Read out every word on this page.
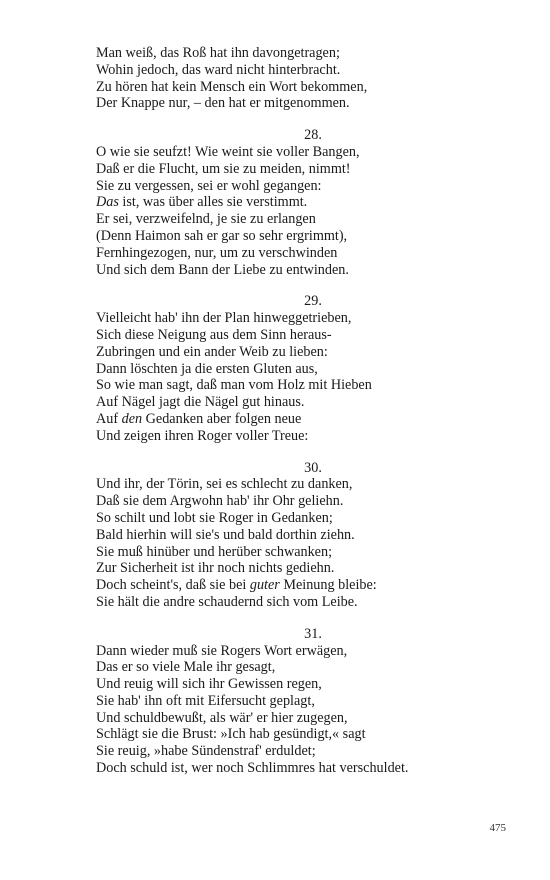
Man weiß, das Roß hat ihn davongetragen;
Wohin jedoch, das ward nicht hinterbracht.
Zu hören hat kein Mensch ein Wort bekommen,
Der Knappe nur, – den hat er mitgenommen.
28.
O wie sie seufzt! Wie weint sie voller Bangen,
Daß er die Flucht, um sie zu meiden, nimmt!
Sie zu vergessen, sei er wohl gegangen:
Das ist, was über alles sie verstimmt.
Er sei, verzweifelnd, je sie zu erlangen
(Denn Haimon sah er gar so sehr ergrimmt),
Fernhingezogen, nur, um zu verschwinden
Und sich dem Bann der Liebe zu entwinden.
29.
Vielleicht hab' ihn der Plan hinweggetrieben,
Sich diese Neigung aus dem Sinn heraus-
Zubringen und ein ander Weib zu lieben:
Dann löschten ja die ersten Gluten aus,
So wie man sagt, daß man vom Holz mit Hieben
Auf Nägel jagt die Nägel gut hinaus.
Auf den Gedanken aber folgen neue
Und zeigen ihren Roger voller Treue:
30.
Und ihr, der Törin, sei es schlecht zu danken,
Daß sie dem Argwohn hab' ihr Ohr geliehn.
So schilt und lobt sie Roger in Gedanken;
Bald hierhin will sie's und bald dorthin ziehn.
Sie muß hinüber und herüber schwanken;
Zur Sicherheit ist ihr noch nichts gediehn.
Doch scheint's, daß sie bei guter Meinung bleibe:
Sie hält die andre schaudernd sich vom Leibe.
31.
Dann wieder muß sie Rogers Wort erwägen,
Das er so viele Male ihr gesagt,
Und reuig will sich ihr Gewissen regen,
Sie hab' ihn oft mit Eifersucht geplagt,
Und schuldbewußt, als wär' er hier zugegen,
Schlägt sie die Brust: »Ich hab gesündigt,« sagt
Sie reuig, »habe Sündenstraf' erduldet;
Doch schuld ist, wer noch Schlimmres hat verschuldet.
475
